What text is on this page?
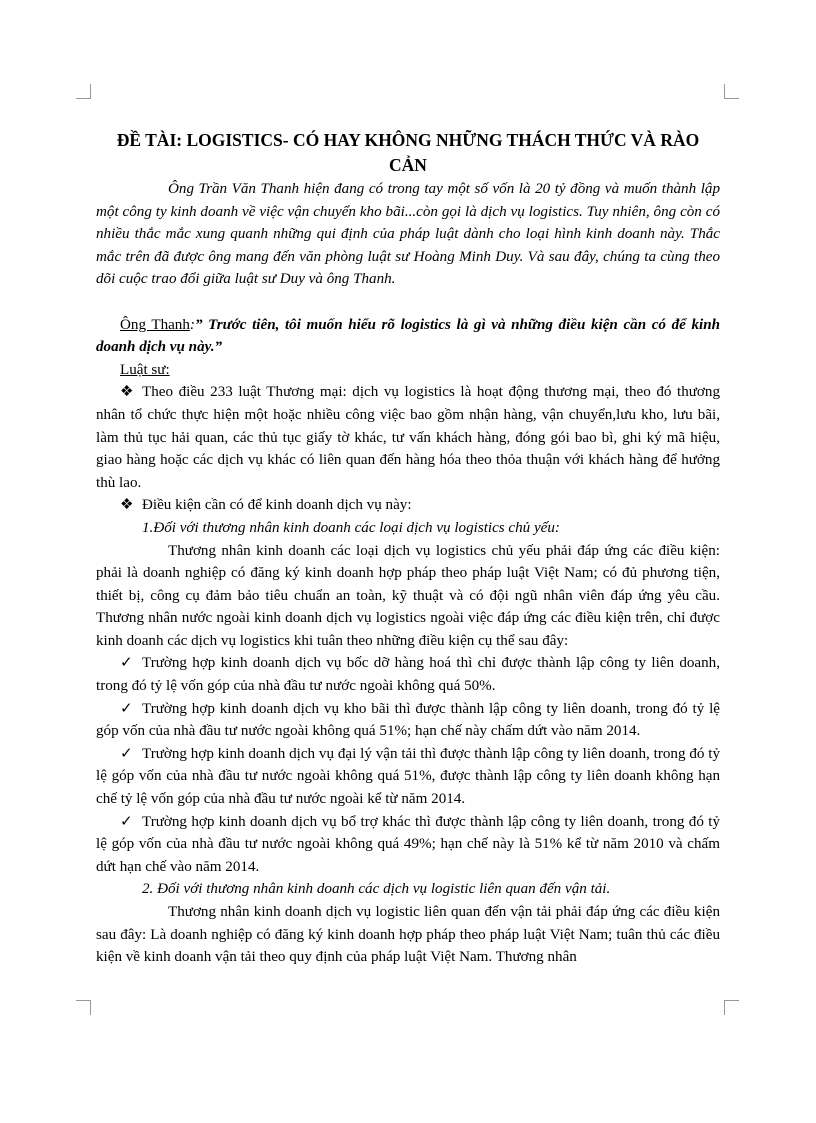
ĐỀ TÀI: LOGISTICS- CÓ HAY KHÔNG NHỮNG THÁCH THỨC VÀ RÀO CẢN

Ông Trần Văn Thanh hiện đang có trong tay một số vốn là 20 tỷ đồng và muốn thành lập một công ty kinh doanh về việc vận chuyển kho bãi...còn gọi là dịch vụ logistics. Tuy nhiên, ông còn có nhiều thắc mắc xung quanh những qui định của pháp luật dành cho loại hình kinh doanh này. Thắc mắc trên đã được ông mang đến văn phòng luật sư Hoàng Minh Duy. Và sau đây, chúng ta cùng theo dõi cuộc trao đổi giữa luật sư Duy và ông Thanh.

Ông Thanh:” Trước tiên, tôi muốn hiểu rõ logistics là gì và những điều kiện cần có để kinh doanh dịch vụ này.”

Luật sư:

❖ Theo điều 233 luật Thương mại: dịch vụ logistics là hoạt động thương mại, theo đó thương nhân tổ chức thực hiện một hoặc nhiều công việc bao gồm nhận hàng, vận chuyển,lưu kho, lưu bãi, làm thủ tục hải quan, các thủ tục giấy tờ khác, tư vấn khách hàng, đóng gói bao bì, ghi ký mã hiệu, giao hàng hoặc các dịch vụ khác có liên quan đến hàng hóa theo thỏa thuận với khách hàng để hưởng thù lao.

❖ Điều kiện cần có để kinh doanh dịch vụ này:

1.Đối với thương nhân kinh doanh các loại dịch vụ logistics chủ yếu:

Thương nhân kinh doanh các loại dịch vụ logistics chủ yếu phải đáp ứng các điều kiện: phải là doanh nghiệp có đăng ký kinh doanh hợp pháp theo pháp luật Việt Nam; có đủ phương tiện, thiết bị, công cụ đảm bảo tiêu chuẩn an toàn, kỹ thuật và có đội ngũ nhân viên đáp ứng yêu cầu. Thương nhân nước ngoài kinh doanh dịch vụ logistics ngoài việc đáp ứng các điều kiện trên, chỉ được kinh doanh các dịch vụ logistics khi tuân theo những điều kiện cụ thể sau đây:

✓ Trường hợp kinh doanh dịch vụ bốc dỡ hàng hoá thì chỉ được thành lập công ty liên doanh, trong đó tỷ lệ vốn góp của nhà đầu tư nước ngoài không quá 50%.

✓ Trường hợp kinh doanh dịch vụ kho bãi thì được thành lập công ty liên doanh, trong đó tỷ lệ góp vốn của nhà đầu tư nước ngoài không quá 51%; hạn chế này chấm dứt vào năm 2014.

✓ Trường hợp kinh doanh dịch vụ đại lý vận tải thì được thành lập công ty liên doanh, trong đó tỷ lệ góp vốn của nhà đầu tư nước ngoài không quá 51%, được thành lập công ty liên doanh không hạn chế tỷ lệ vốn góp của nhà đầu tư nước ngoài kể từ năm 2014.

✓ Trường hợp kinh doanh dịch vụ bổ trợ khác thì được thành lập công ty liên doanh, trong đó tỷ lệ góp vốn của nhà đầu tư nước ngoài không quá 49%; hạn chế này là 51% kể từ năm 2010 và chấm dứt hạn chế vào năm 2014.

2. Đối với thương nhân kinh doanh các dịch vụ logistic liên quan đến vận tải.

Thương nhân kinh doanh dịch vụ logistic liên quan đến vận tải phải đáp ứng các điều kiện sau đây: Là doanh nghiệp có đăng ký kinh doanh hợp pháp theo pháp luật Việt Nam; tuân thủ các điều kiện về kinh doanh vận tải theo quy định của pháp luật Việt Nam. Thương nhân
